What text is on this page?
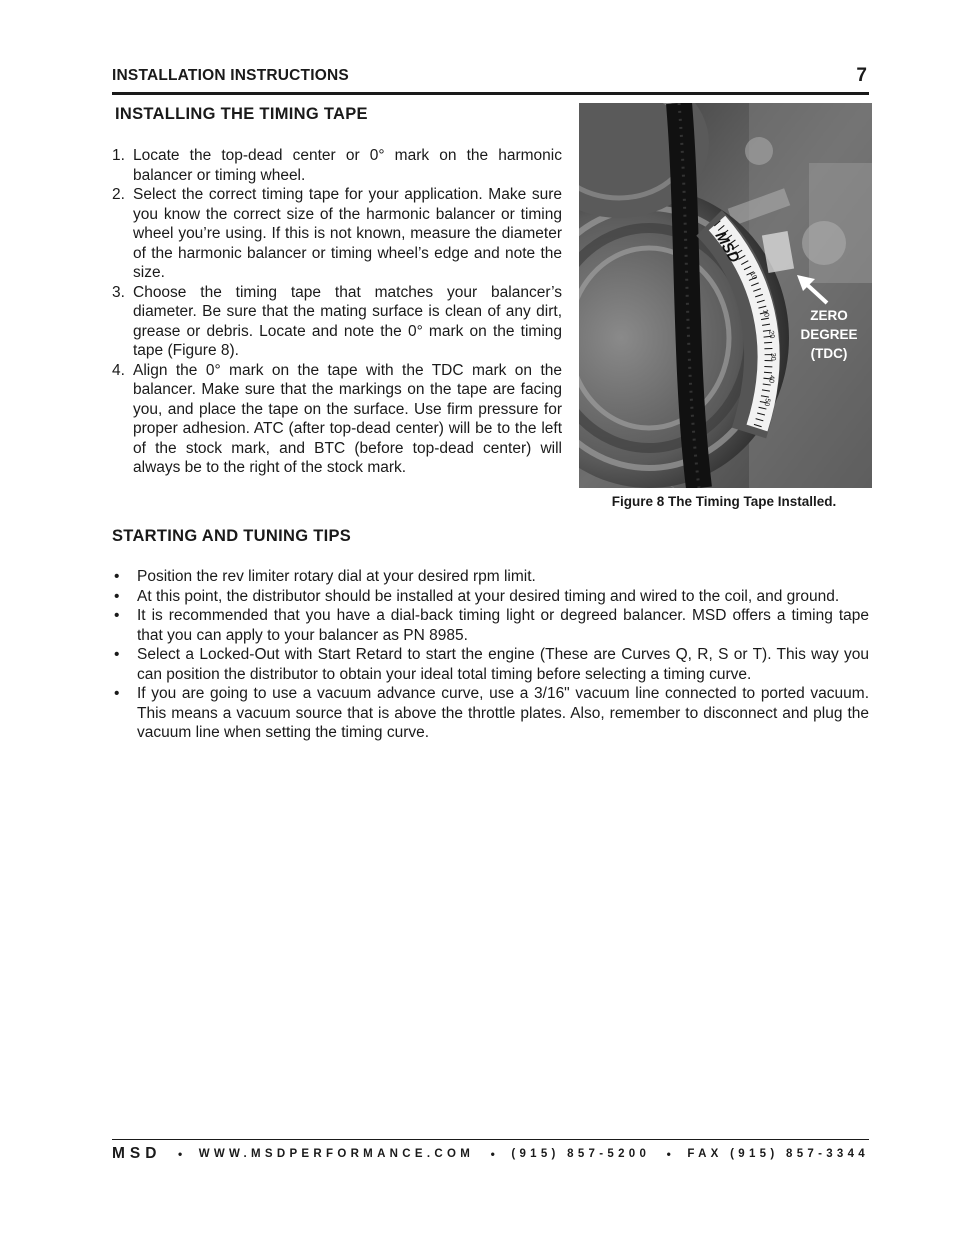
INSTALLATION INSTRUCTIONS	7
INSTALLING THE TIMING TAPE
1. Locate the top-dead center or 0° mark on the harmonic balancer or timing wheel.
2. Select the correct timing tape for your application. Make sure you know the correct size of the harmonic balancer or timing wheel you’re using. If this is not known, measure the diameter of the harmonic balancer or timing wheel’s edge and note the size.
3. Choose the timing tape that matches your balancer’s diameter. Be sure that the mating surface is clean of any dirt, grease or debris. Locate and note the 0° mark on the timing tape (Figure 8).
4. Align the 0° mark on the tape with the TDC mark on the balancer. Make sure that the markings on the tape are facing you, and place the tape on the surface. Use firm pressure for proper adhesion. ATC (after top-dead center) will be to the left of the stock mark, and BTC (before top-dead center) will always be to the right of the stock mark.
MSD
10
10
20
30
40
50
ZERO
DEGREE
(TDC)
Figure 8 The Timing Tape Installed.
STARTING AND TUNING TIPS
• Position the rev limiter rotary dial at your desired rpm limit.
• At this point, the distributor should be installed at your desired timing and wired to the coil, and ground.
• It is recommended that you have a dial-back timing light or degreed balancer. MSD offers a timing tape that you can apply to your balancer as PN 8985.
• Select a Locked-Out with Start Retard to start the engine (These are Curves Q, R, S or T). This way you can position the distributor to obtain your ideal total timing before selecting a timing curve.
• If you are going to use a vacuum advance curve, use a 3/16" vacuum line connected to ported vacuum. This means a vacuum source that is above the throttle plates. Also, remember to disconnect and plug the vacuum line when setting the timing curve.
MSD • WWW.MSDPERFORMANCE.COM • (915) 857-5200 • FAX (915) 857-3344
